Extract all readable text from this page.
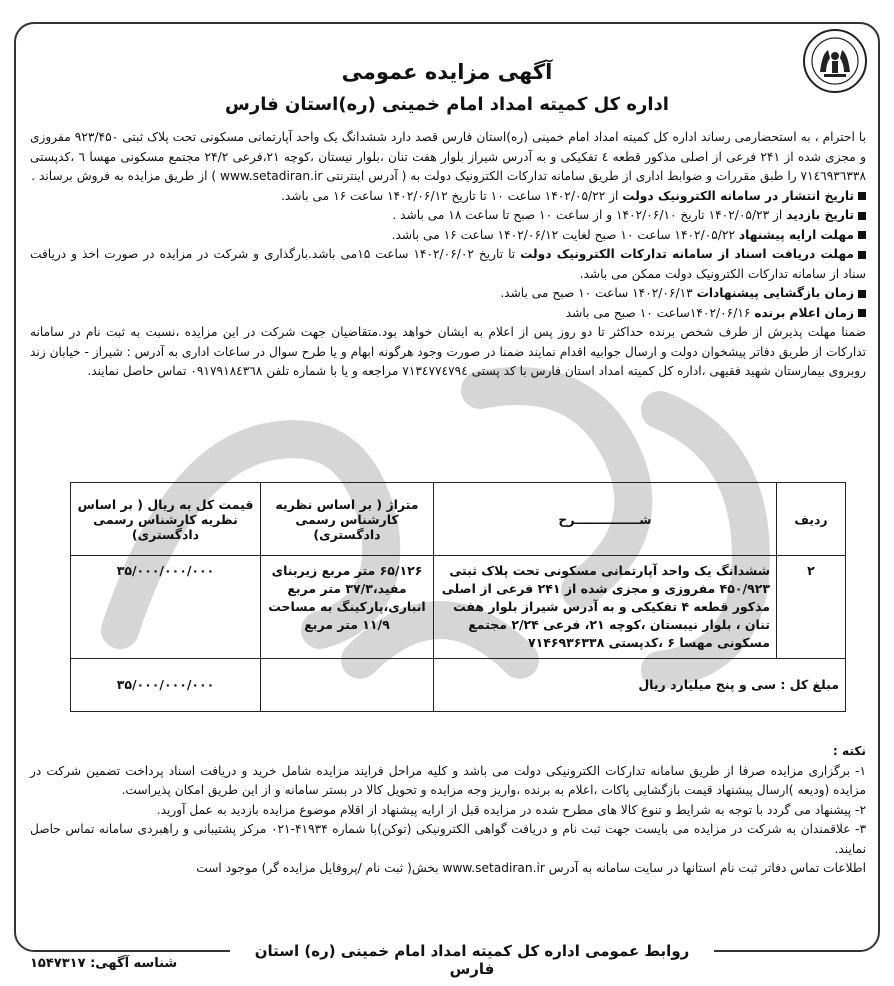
آگهی مزایده عمومی
اداره کل کمیته امداد امام خمینی (ره)استان فارس

با احترام ، به استحضارمی رساند اداره کل کمیته امداد امام خمینی (ره)استان فارس قصد دارد ششدانگ یک واحد آپارتمانی مسکونی تحت پلاک ثبتی ۹۲۳/۴۵۰ مفروزی و مجزی شده از ۲۴۱ فرعی از اصلی مذکور قطعه ٤ تفکیکی و به آدرس شیراز بلوار هفت تنان ،بلوار نیستان ،کوچه ۲۱،فرعی ۲۴/۲ مجتمع مسکونی مهسا ٦ ،کدپستی ۷۱٤٦۹۳٦۳۳۸ را طبق مقررات و ضوابط اداری از طریق سامانه تدارکات الکترونیک دولت به ( آدرس اینترنتی www.setadiran.ir ) از طریق مزایده به فروش برساند .

تاریخ انتشار در سامانه الکترونیک دولت از ۱۴۰۲/۰۵/۲۲ ساعت ۱۰ تا تاریخ ۱۴۰۲/۰۶/۱۲ ساعت ۱۶ می باشد.

تاریخ بازدید از ۱۴۰۲/۰۵/۲۳ تاریخ ۱۴۰۲/۰۶/۱۰ و از ساعت ۱۰ صبح تا ساعت ۱۸ می باشد .

مهلت ارایه پیشنهاد ۱۴۰۲/۰۵/۲۲ ساعت ۱۰ صبح لغایت ۱۴۰۲/۰۶/۱۲ ساعت ۱۶ می باشد.

مهلت دریافت اسناد از سامانه تدارکات الکترونیک دولت تا تاریخ ۱۴۰۲/۰۶/۰۲ ساعت ۱۵می باشد.بارگذاری و شرکت در مزایده در صورت اخذ و دریافت سناد از سامانه تدارکات الکترونیک دولت ممکن می باشد.

زمان بازگشایی پیشنهادات ۱۴۰۲/۰۶/۱۳ ساعت ۱۰ صبح می باشد.

زمان اعلام برنده ۱۴۰۲/۰۶/۱۶ساعت ۱۰ صبح می باشد

ضمنا مهلت پذیرش از طرف شخص برنده حداکثر تا دو روز پس از اعلام به ایشان خواهد بود.متقاضیان جهت شرکت در این مزایده ،نسبت به ثبت نام در سامانه تدارکات از طریق دفاتر پیشخوان دولت و ارسال جوابیه اقدام نمایند ضمنا در صورت وجود هرگونه ابهام و یا طرح سوال در ساعات اداری به آدرس : شیراز - خیابان زند روبروی بیمارستان شهید فقیهی ،اداره کل کمیته امداد استان فارس با کد پستی ۷۱۳٤۷۷٤۷۹٤ مراجعه و یا با شماره تلفن ۰۹۱۷۹۱۸٤۳٦۸ تماس حاصل نمایند.

ردیف	شـــــــــــــــرح	متراژ ( بر اساس نظریه کارشناس رسمی دادگستری)	قیمت کل به ریال ( بر اساس نظریه کارشناس رسمی دادگستری)
۲	ششدانگ یک واحد آپارتمانی مسکونی تحت پلاک ثبتی ۴۵۰/۹۲۳ مفروزی و مجزی شده از ۲۴۱ فرعی از اصلی مذکور قطعه ۴ تفکیکی و به آدرس شیراز بلوار هفت تنان ، بلوار نیبستان ،کوچه ۲۱، فرعی ۲/۲۴ مجتمع مسکونی مهسا ۶ ،کدپستی ۷۱۴۶۹۳۶۳۳۸	۶۵/۱۲۶ متر مربع زیربنای مفید،۳۷/۳ متر مربع انباری،پارکینگ به مساحت ۱۱/۹ متر مربع	۳۵/۰۰۰/۰۰۰/۰۰۰
مبلغ کل : سی و پنج میلیارد ریال			۳۵/۰۰۰/۰۰۰/۰۰۰

نکته :

۱- برگزاری مزایده صرفا از طریق سامانه تدارکات الکترونیکی دولت می باشد و کلیه مراحل فرایند مزایده شامل خرید و دریافت اسناد پرداخت تضمین شرکت در مزایده (ودیعه )ارسال پیشنهاد قیمت بازگشایی پاکات ،اعلام به برنده ،واریز وجه مزایده و تحویل کالا در بستر سامانه و از این طریق امکان پذیراست.

۲- پیشنهاد می گردد با توجه به شرایط و تنوع کالا های مطرح شده در مزایده قبل از ارایه پیشنهاد از اقلام موضوع مزایده بازدید به عمل آورید.

۳- علاقمندان به شرکت در مزایده می بایست جهت ثبت نام و دریافت گواهی الکترونیکی (توکن)با شماره ۴۱۹۳۴-۰۲۱ مرکز پشتیبانی و راهبردی سامانه تماس حاصل نمایند.

اطلاعات تماس دفاتر ثبت نام استانها در سایت سامانه به آدرس www.setadiran.ir بخش( ثبت نام /پروفایل مزایده گر) موجود است

روابط عمومی اداره کل کمیته امداد امام خمینی (ره) استان فارس
شناسه آگهی: ۱۵۴۷۳۱۷
